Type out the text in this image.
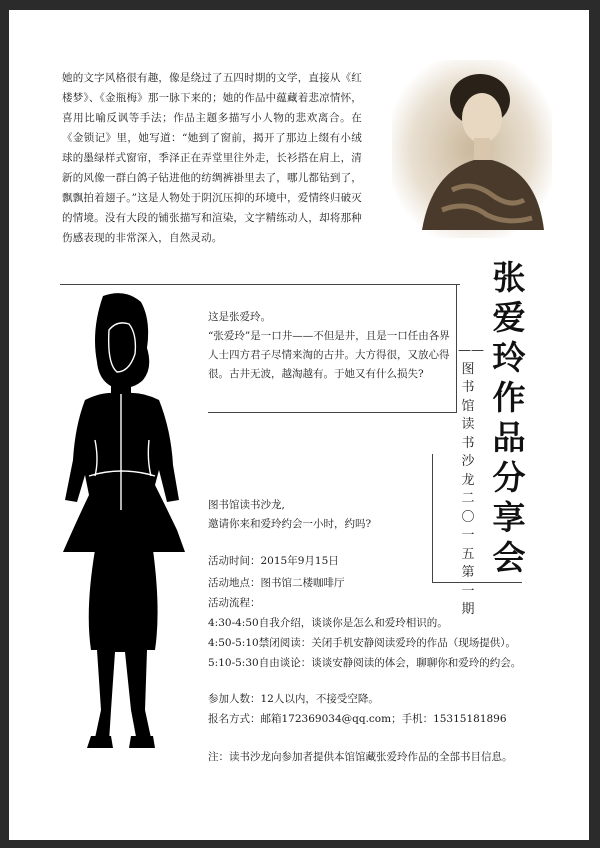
她的文字风格很有趣，像是绕过了五四时期的文学，直接从《红楼梦》、《金瓶梅》那一脉下来的；她的作品中蕴藏着悲凉情怀，喜用比喻反讽等手法；作品主题多描写小人物的悲欢离合。在《金锁记》里，她写道：“她到了窗前，揭开了那边上缀有小绒球的墨绿样式窗帘，季泽正在弄堂里往外走，长衫搭在肩上，清新的风像一群白鸽子钻进他的纺绸裤褂里去了，哪儿都钻到了，飘飘拍着翅子。”这是人物处于阴沉压抑的环境中，爱情终归破灭的情境。没有大段的铺张描写和渲染，文字精练动人，却将那种伤感表现的非常深入，自然灵动。
张爱玲作品分享会
——图书馆读书沙龙二〇一五第一期

这是张爱玲。

“张爱玲”是一口井——不但是井，且是一口任由各界人士四方君子尽情来淘的古井。大方得很，又放心得很。古井无波，越淘越有。于她又有什么损失?

图书馆读书沙龙,

邀请你来和爱玲约会一小时，约吗?

活动时间：2015年9月15日
活动地点：图书馆二楼咖啡厅
活动流程：
4:30-4:50自我介绍，谈谈你是怎么和爱玲相识的。
4:50-5:10禁闭阅读：关闭手机安静阅读爱玲的作品（现场提供）。
5:10-5:30自由谈论：谈谈安静阅读的体会，聊聊你和爱玲的约会。
参加人数：12人以内，不接受空降。
报名方式：邮箱172369034@qq.com；手机：15315181896
注：读书沙龙向参加者提供本馆馆藏张爱玲作品的全部书目信息。
